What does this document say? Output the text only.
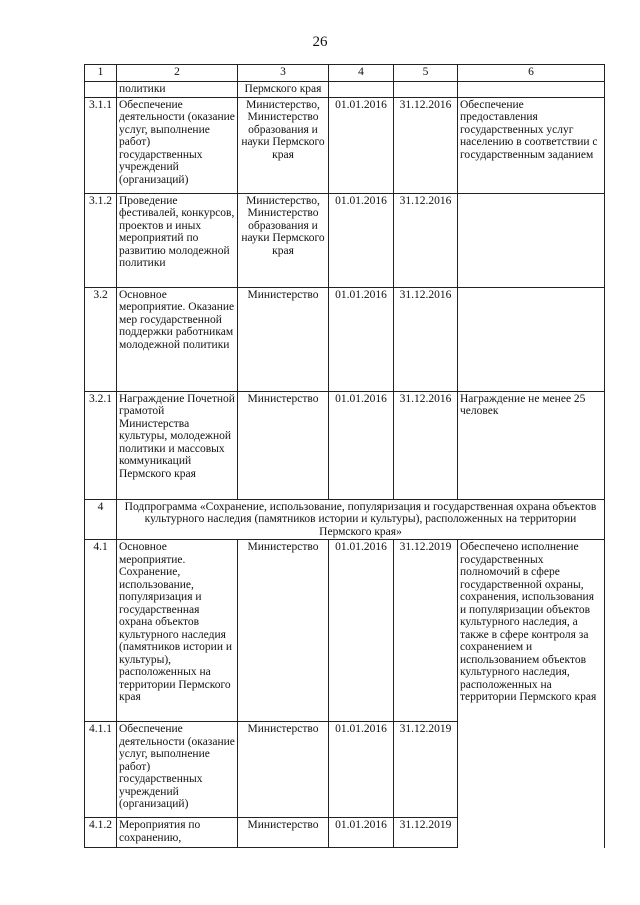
26
1	2	3	4	5	6
	политики	Пермского края			
3.1.1	Обеспечение деятельности (оказание услуг, выполнение работ) государственных учреждений (организаций)	Министерство, Министерство образования и науки Пермского края	01.01.2016	31.12.2016	Обеспечение предоставления государственных услуг населению в соответствии с государственным заданием
3.1.2	Проведение фестивалей, конкурсов, проектов и иных мероприятий по развитию молодежной политики	Министерство, Министерство образования и науки Пермского края	01.01.2016	31.12.2016	
3.2	Основное мероприятие. Оказание мер государственной поддержки работникам молодежной политики	Министерство	01.01.2016	31.12.2016	
3.2.1	Награждение Почетной грамотой Министерства культуры, молодежной политики и массовых коммуникаций Пермского края	Министерство	01.01.2016	31.12.2016	Награждение не менее 25 человек
4	Подпрограмма «Сохранение, использование, популяризация и государственная охрана объектов культурного наследия (памятников истории и культуры), расположенных на территории Пермского края»				
4.1	Основное мероприятие. Сохранение, использование, популяризация и государственная охрана объектов культурного наследия (памятников истории и культуры), расположенных на территории Пермского края	Министерство	01.01.2016	31.12.2019	Обеспечено исполнение государственных полномочий в сфере государственной охраны, сохранения, использования и популяризации объектов культурного наследия, а также в сфере контроля за сохранением и использованием объектов культурного наследия, расположенных на территории Пермского края
4.1.1	Обеспечение деятельности (оказание услуг, выполнение работ) государственных учреждений (организаций)	Министерство	01.01.2016	31.12.2019	
4.1.2	Мероприятия по сохранению,	Министерство	01.01.2016	31.12.2019	
